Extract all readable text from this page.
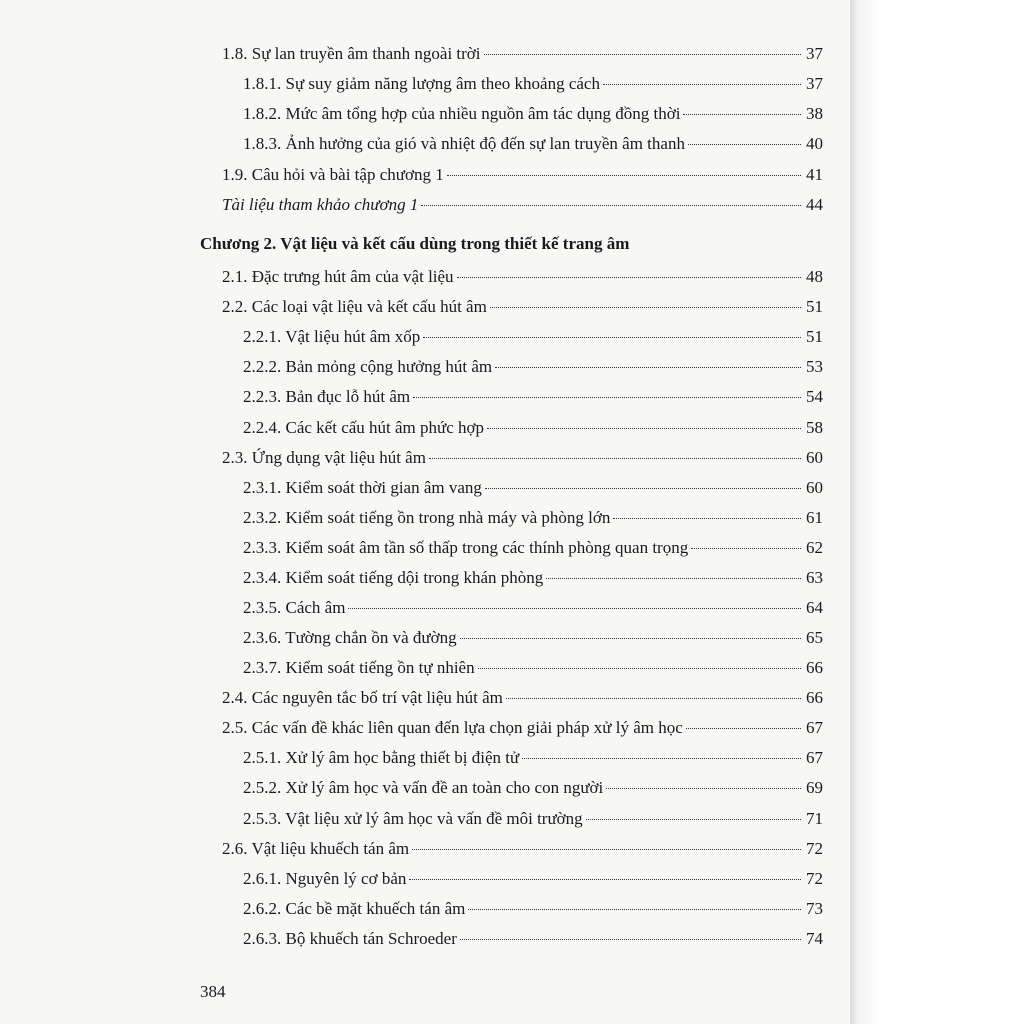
1.8. Sự lan truyền âm thanh ngoài trời	37
1.8.1. Sự suy giảm năng lượng âm theo khoảng cách	37
1.8.2. Mức âm tổng hợp của nhiều nguồn âm tác dụng đồng thời	38
1.8.3. Ảnh hưởng của gió và nhiệt độ đến sự lan truyền âm thanh	40
1.9. Câu hỏi và bài tập chương 1	41
Tài liệu tham khảo chương 1	44
Chương 2. Vật liệu và kết cấu dùng trong thiết kế trang âm
2.1. Đặc trưng hút âm của vật liệu	48
2.2. Các loại vật liệu và kết cấu hút âm	51
2.2.1. Vật liệu hút âm xốp	51
2.2.2. Bản mỏng cộng hưởng hút âm	53
2.2.3. Bản đục lỗ hút âm	54
2.2.4. Các kết cấu hút âm phức hợp	58
2.3. Ứng dụng vật liệu hút âm	60
2.3.1. Kiểm soát thời gian âm vang	60
2.3.2. Kiểm soát tiếng ồn trong nhà máy và phòng lớn	61
2.3.3. Kiểm soát âm tần số thấp trong các thính phòng quan trọng	62
2.3.4. Kiểm soát tiếng dội trong khán phòng	63
2.3.5. Cách âm	64
2.3.6. Tường chắn ồn và đường	65
2.3.7. Kiểm soát tiếng ồn tự nhiên	66
2.4. Các nguyên tắc bố trí vật liệu hút âm	66
2.5. Các vấn đề khác liên quan đến lựa chọn giải pháp xử lý âm học	67
2.5.1. Xử lý âm học bằng thiết bị điện tử	67
2.5.2. Xử lý âm học và vấn đề an toàn cho con người	69
2.5.3. Vật liệu xử lý âm học và vấn đề môi trường	71
2.6. Vật liệu khuếch tán âm	72
2.6.1. Nguyên lý cơ bản	72
2.6.2. Các bề mặt khuếch tán âm	73
2.6.3. Bộ khuếch tán Schroeder	74
384
